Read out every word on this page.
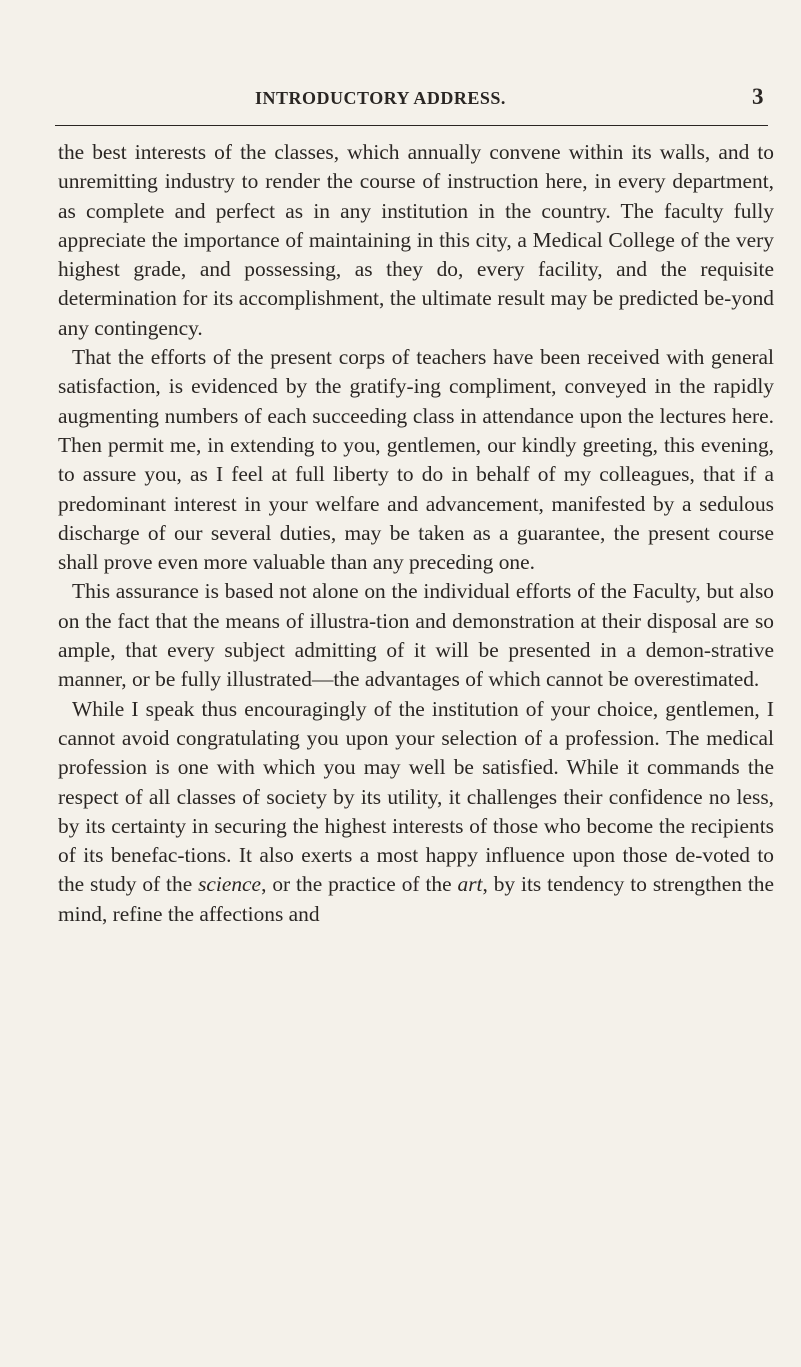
INTRODUCTORY ADDRESS.	3

the best interests of the classes, which annually convene within its walls, and to unremitting industry to render the course of instruction here, in every department, as complete and perfect as in any institution in the country. The faculty fully appreciate the importance of maintaining in this city, a Medical College of the very highest grade, and possessing, as they do, every facility, and the requisite determination for its accomplishment, the ultimate result may be predicted be-yond any contingency.

That the efforts of the present corps of teachers have been received with general satisfaction, is evidenced by the gratify-ing compliment, conveyed in the rapidly augmenting numbers of each succeeding class in attendance upon the lectures here. Then permit me, in extending to you, gentlemen, our kindly greeting, this evening, to assure you, as I feel at full liberty to do in behalf of my colleagues, that if a predominant interest in your welfare and advancement, manifested by a sedulous discharge of our several duties, may be taken as a guarantee, the present course shall prove even more valuable than any preceding one.

This assurance is based not alone on the individual efforts of the Faculty, but also on the fact that the means of illustra-tion and demonstration at their disposal are so ample, that every subject admitting of it will be presented in a demon-strative manner, or be fully illustrated—the advantages of which cannot be overestimated.

While I speak thus encouragingly of the institution of your choice, gentlemen, I cannot avoid congratulating you upon your selection of a profession. The medical profession is one with which you may well be satisfied. While it commands the respect of all classes of society by its utility, it challenges their confidence no less, by its certainty in securing the highest interests of those who become the recipients of its benefac-tions. It also exerts a most happy influence upon those de-voted to the study of the science, or the practice of the art, by its tendency to strengthen the mind, refine the affections and
